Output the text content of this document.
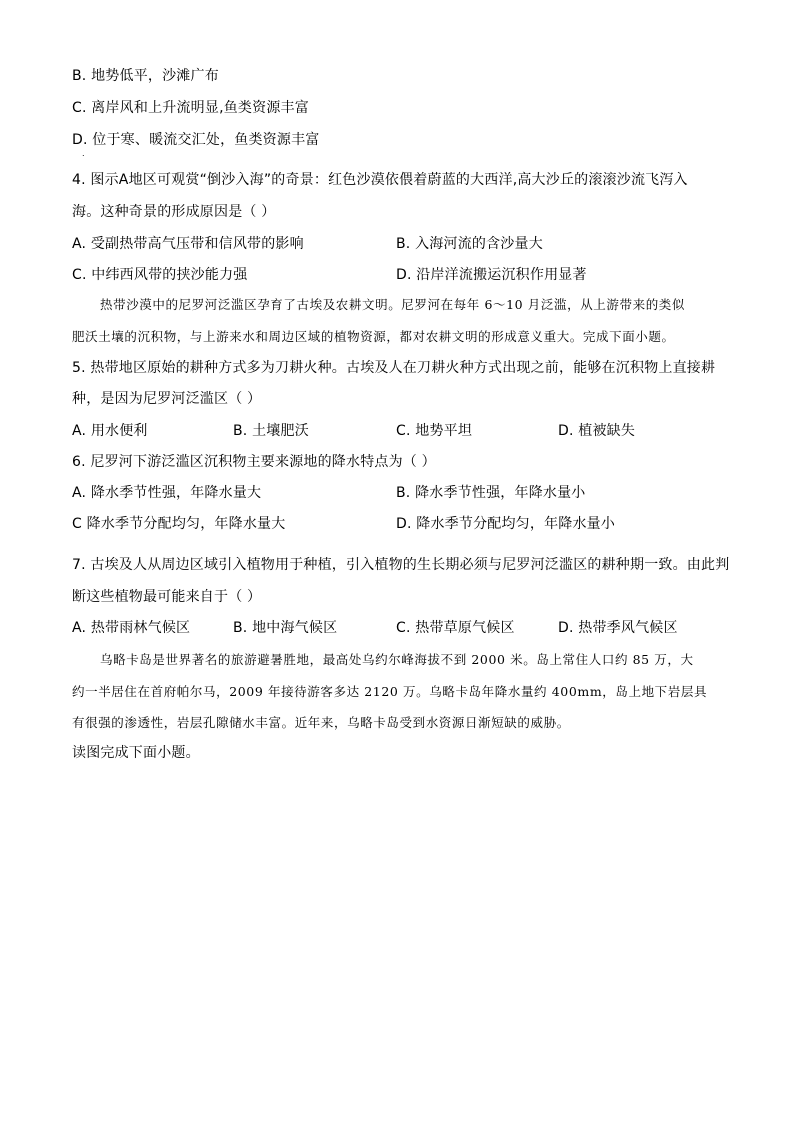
B. 地势低平，沙滩广布
C. 离岸风和上升流明显,鱼类资源丰富
D. 位于寒、暖流交汇处，鱼类资源丰富
.
4. 图示A地区可观赏“倒沙入海”的奇景：红色沙漠依偎着蔚蓝的大西洋,高大沙丘的滚滚沙流飞泻入
海。这种奇景的形成原因是（ ）
A. 受副热带高气压带和信风带的影响	B. 入海河流的含沙量大
C. 中纬西风带的挟沙能力强	D. 沿岸洋流搬运沉积作用显著
热带沙漠中的尼罗河泛滥区孕育了古埃及农耕文明。尼罗河在每年 6～10 月泛滥，从上游带来的类似
肥沃土壤的沉积物，与上游来水和周边区域的植物资源，都对农耕文明的形成意义重大。完成下面小题。
5. 热带地区原始的耕种方式多为刀耕火种。古埃及人在刀耕火种方式出现之前，能够在沉积物上直接耕
种，是因为尼罗河泛滥区（ ）
A. 用水便利	B. 土壤肥沃	C. 地势平坦	D. 植被缺失
6. 尼罗河下游泛滥区沉积物主要来源地的降水特点为（ ）
A. 降水季节性强，年降水量大	B. 降水季节性强，年降水量小
C 降水季节分配均匀，年降水量大	D. 降水季节分配均匀，年降水量小
7. 古埃及人从周边区域引入植物用于种植，引入植物的生长期必须与尼罗河泛滥区的耕种期一致。由此判
断这些植物最可能来自于（ ）
A. 热带雨林气候区	B. 地中海气候区	C. 热带草原气候区	D. 热带季风气候区
乌略卡岛是世界著名的旅游避暑胜地，最高处乌约尔峰海拔不到 2000 米。岛上常住人口约 85 万，大
约一半居住在首府帕尔马，2009 年接待游客多达 2120 万。乌略卡岛年降水量约 400mm，岛上地下岩层具
有很强的渗透性，岩层孔隙储水丰富。近年来，乌略卡岛受到水资源日渐短缺的威胁。
读图完成下面小题。
